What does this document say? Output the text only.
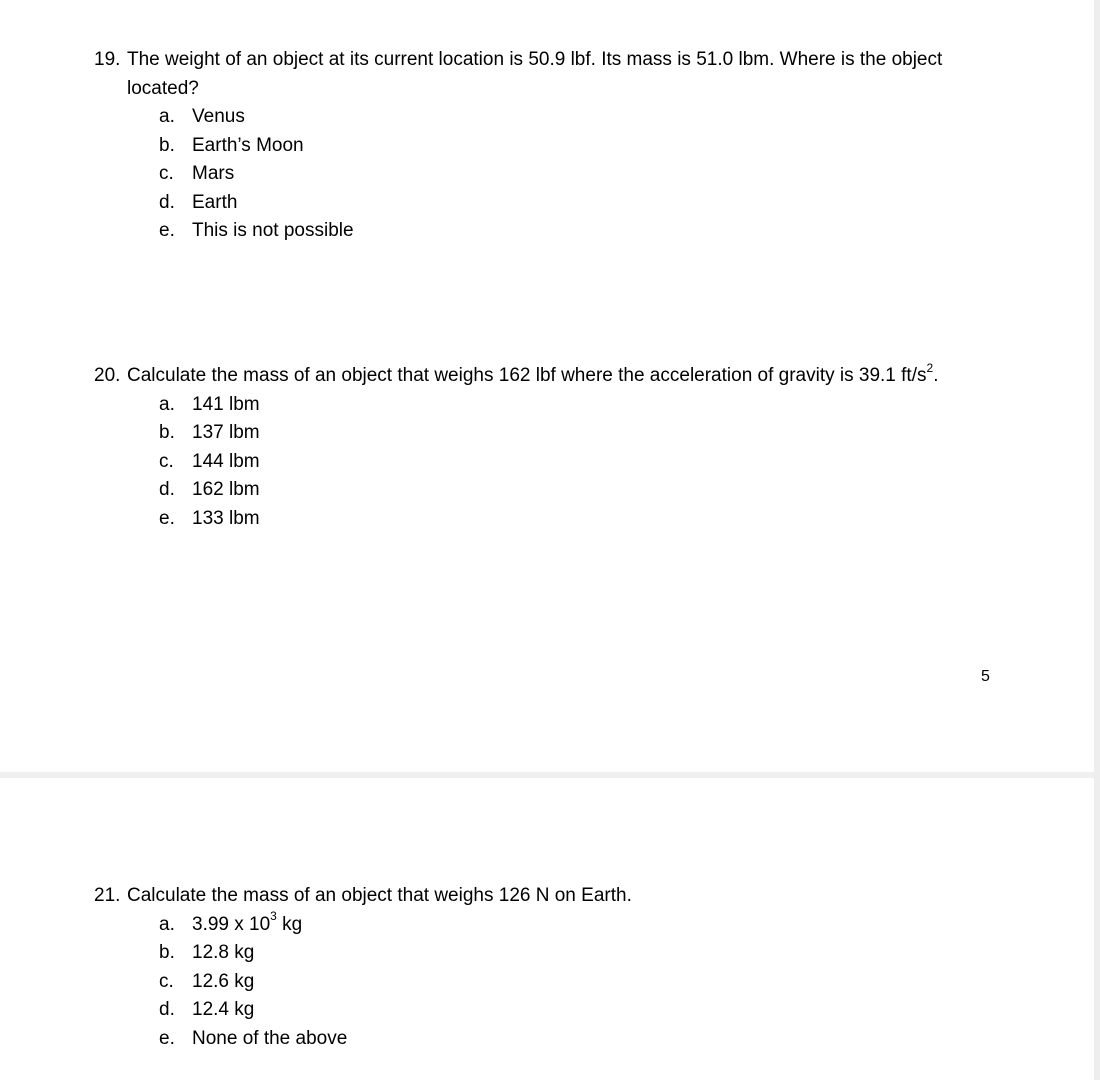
19. The weight of an object at its current location is 50.9 lbf. Its mass is 51.0 lbm. Where is the object located?

a. Venus
b. Earth’s Moon
c. Mars
d. Earth
e. This is not possible

20. Calculate the mass of an object that weighs 162 lbf where the acceleration of gravity is 39.1 $ft/s^2$.

a. 141 lbm
b. 137 lbm
c. 144 lbm
d. 162 lbm
e. 133 lbm
5

21. Calculate the mass of an object that weighs 126 N on Earth.

a. 3.99 x $10^3$ kg
b. 12.8 kg
c. 12.6 kg
d. 12.4 kg
e. None of the above
